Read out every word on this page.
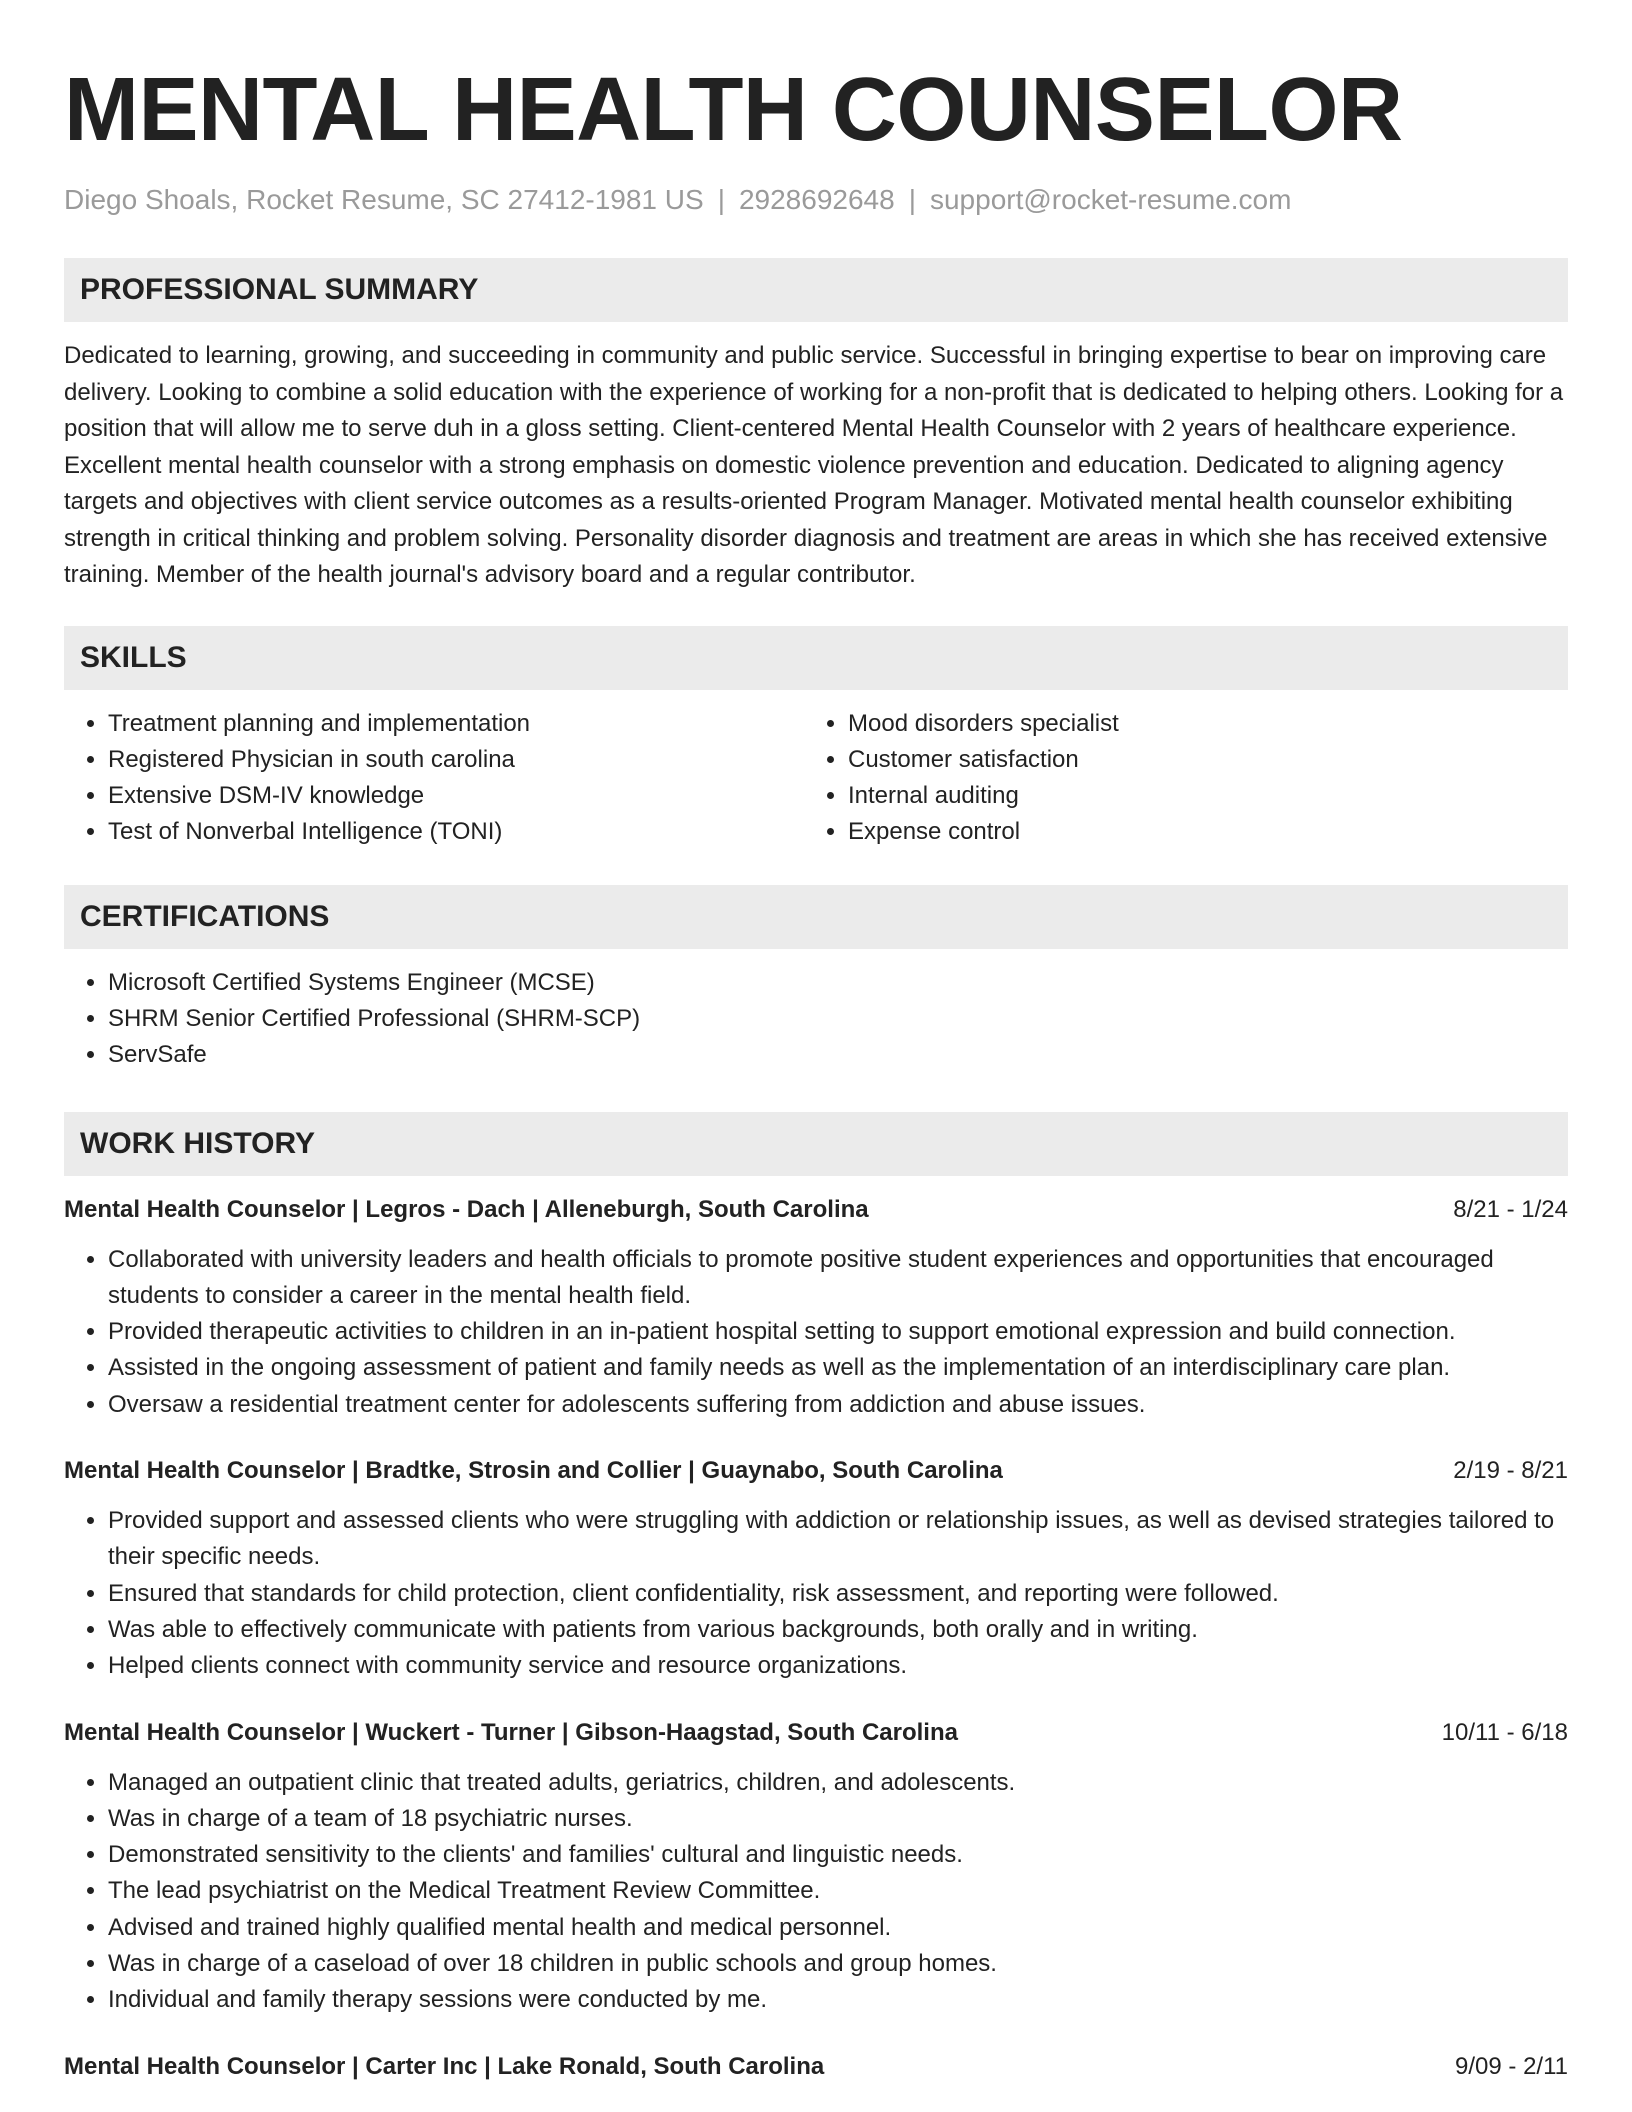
MENTAL HEALTH COUNSELOR
Diego Shoals, Rocket Resume, SC 27412-1981 US | 2928692648 | support@rocket-resume.com
PROFESSIONAL SUMMARY
Dedicated to learning, growing, and succeeding in community and public service. Successful in bringing expertise to bear on improving care delivery. Looking to combine a solid education with the experience of working for a non-profit that is dedicated to helping others. Looking for a position that will allow me to serve duh in a gloss setting. Client-centered Mental Health Counselor with 2 years of healthcare experience. Excellent mental health counselor with a strong emphasis on domestic violence prevention and education. Dedicated to aligning agency targets and objectives with client service outcomes as a results-oriented Program Manager. Motivated mental health counselor exhibiting strength in critical thinking and problem solving. Personality disorder diagnosis and treatment are areas in which she has received extensive training. Member of the health journal's advisory board and a regular contributor.
SKILLS
• Treatment planning and implementation
• Registered Physician in south carolina
• Extensive DSM-IV knowledge
• Test of Nonverbal Intelligence (TONI)
• Mood disorders specialist
• Customer satisfaction
• Internal auditing
• Expense control
CERTIFICATIONS
• Microsoft Certified Systems Engineer (MCSE)
• SHRM Senior Certified Professional (SHRM-SCP)
• ServSafe
WORK HISTORY
Mental Health Counselor | Legros - Dach | Alleneburgh, South Carolina	8/21 - 1/24
• Collaborated with university leaders and health officials to promote positive student experiences and opportunities that encouraged students to consider a career in the mental health field.
• Provided therapeutic activities to children in an in-patient hospital setting to support emotional expression and build connection.
• Assisted in the ongoing assessment of patient and family needs as well as the implementation of an interdisciplinary care plan.
• Oversaw a residential treatment center for adolescents suffering from addiction and abuse issues.
Mental Health Counselor | Bradtke, Strosin and Collier | Guaynabo, South Carolina	2/19 - 8/21
• Provided support and assessed clients who were struggling with addiction or relationship issues, as well as devised strategies tailored to their specific needs.
• Ensured that standards for child protection, client confidentiality, risk assessment, and reporting were followed.
• Was able to effectively communicate with patients from various backgrounds, both orally and in writing.
• Helped clients connect with community service and resource organizations.
Mental Health Counselor | Wuckert - Turner | Gibson-Haagstad, South Carolina	10/11 - 6/18
• Managed an outpatient clinic that treated adults, geriatrics, children, and adolescents.
• Was in charge of a team of 18 psychiatric nurses.
• Demonstrated sensitivity to the clients' and families' cultural and linguistic needs.
• The lead psychiatrist on the Medical Treatment Review Committee.
• Advised and trained highly qualified mental health and medical personnel.
• Was in charge of a caseload of over 18 children in public schools and group homes.
• Individual and family therapy sessions were conducted by me.
Mental Health Counselor | Carter Inc | Lake Ronald, South Carolina	9/09 - 2/11
